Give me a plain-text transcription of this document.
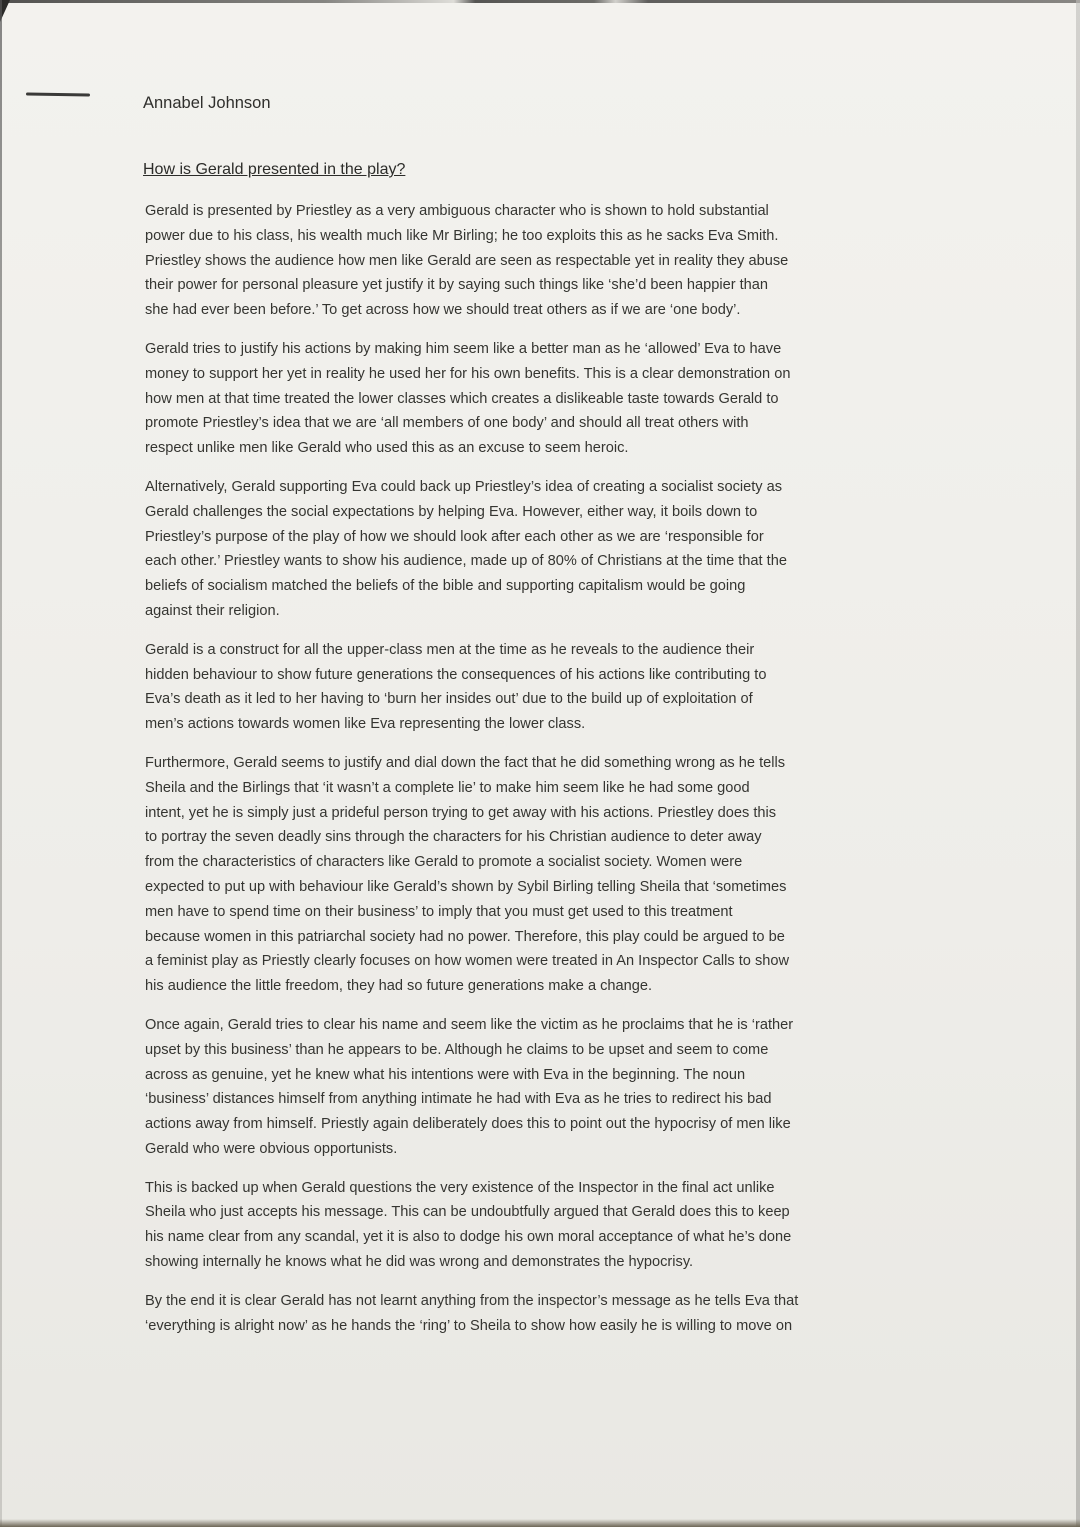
Annabel Johnson
How is Gerald presented in the play?

Gerald is presented by Priestley as a very ambiguous character who is shown to hold substantial
power due to his class, his wealth much like Mr Birling; he too exploits this as he sacks Eva Smith.
Priestley shows the audience how men like Gerald are seen as respectable yet in reality they abuse
their power for personal pleasure yet justify it by saying such things like ‘she’d been happier than
she had ever been before.’ To get across how we should treat others as if we are ‘one body’.

Gerald tries to justify his actions by making him seem like a better man as he ‘allowed’ Eva to have
money to support her yet in reality he used her for his own benefits. This is a clear demonstration on
how men at that time treated the lower classes which creates a dislikeable taste towards Gerald to
promote Priestley’s idea that we are ‘all members of one body’ and should all treat others with
respect unlike men like Gerald who used this as an excuse to seem heroic.

Alternatively, Gerald supporting Eva could back up Priestley’s idea of creating a socialist society as
Gerald challenges the social expectations by helping Eva. However, either way, it boils down to
Priestley’s purpose of the play of how we should look after each other as we are ‘responsible for
each other.’ Priestley wants to show his audience, made up of 80% of Christians at the time that the
beliefs of socialism matched the beliefs of the bible and supporting capitalism would be going
against their religion.

Gerald is a construct for all the upper-class men at the time as he reveals to the audience their
hidden behaviour to show future generations the consequences of his actions like contributing to
Eva’s death as it led to her having to ‘burn her insides out’ due to the build up of exploitation of
men’s actions towards women like Eva representing the lower class.

Furthermore, Gerald seems to justify and dial down the fact that he did something wrong as he tells
Sheila and the Birlings that ‘it wasn’t a complete lie’ to make him seem like he had some good
intent, yet he is simply just a prideful person trying to get away with his actions. Priestley does this
to portray the seven deadly sins through the characters for his Christian audience to deter away
from the characteristics of characters like Gerald to promote a socialist society. Women were
expected to put up with behaviour like Gerald’s shown by Sybil Birling telling Sheila that ‘sometimes
men have to spend time on their business’ to imply that you must get used to this treatment
because women in this patriarchal society had no power. Therefore, this play could be argued to be
a feminist play as Priestly clearly focuses on how women were treated in An Inspector Calls to show
his audience the little freedom, they had so future generations make a change.

Once again, Gerald tries to clear his name and seem like the victim as he proclaims that he is ‘rather
upset by this business’ than he appears to be. Although he claims to be upset and seem to come
across as genuine, yet he knew what his intentions were with Eva in the beginning. The noun
‘business’ distances himself from anything intimate he had with Eva as he tries to redirect his bad
actions away from himself. Priestly again deliberately does this to point out the hypocrisy of men like
Gerald who were obvious opportunists.

This is backed up when Gerald questions the very existence of the Inspector in the final act unlike
Sheila who just accepts his message. This can be undoubtfully argued that Gerald does this to keep
his name clear from any scandal, yet it is also to dodge his own moral acceptance of what he’s done
showing internally he knows what he did was wrong and demonstrates the hypocrisy.

By the end it is clear Gerald has not learnt anything from the inspector’s message as he tells Eva that
‘everything is alright now’ as he hands the ‘ring’ to Sheila to show how easily he is willing to move on
